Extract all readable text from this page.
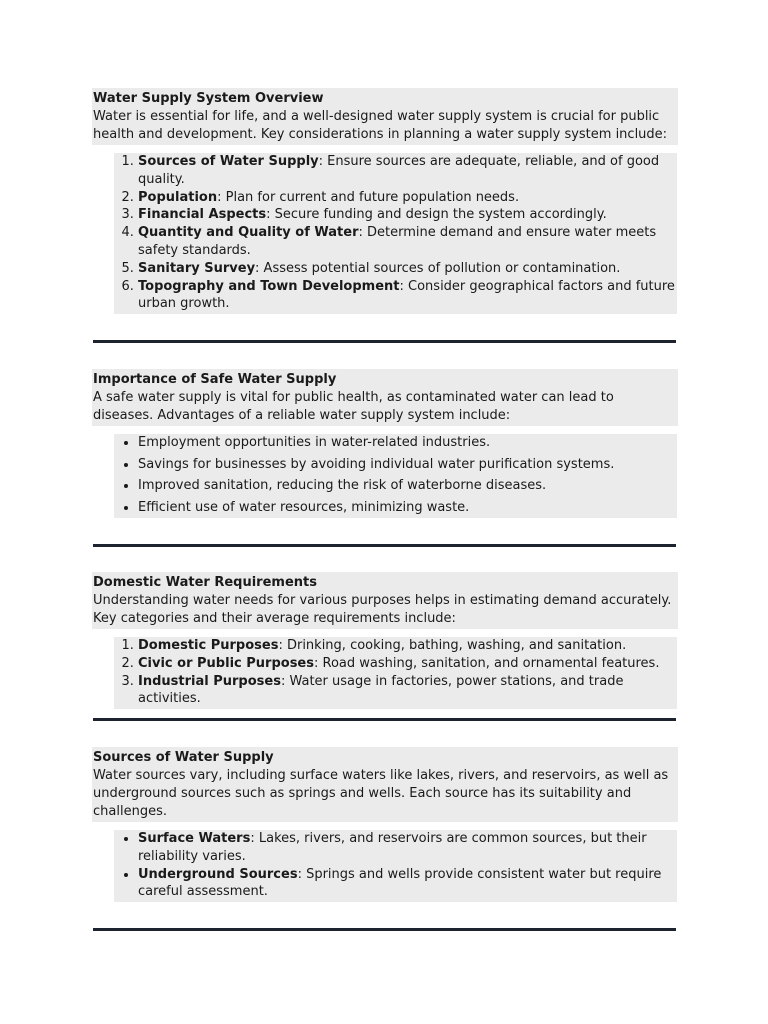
Water Supply System Overview
Water is essential for life, and a well-designed water supply system is crucial for public health and development. Key considerations in planning a water supply system include:
1. Sources of Water Supply: Ensure sources are adequate, reliable, and of good quality.
2. Population: Plan for current and future population needs.
3. Financial Aspects: Secure funding and design the system accordingly.
4. Quantity and Quality of Water: Determine demand and ensure water meets safety standards.
5. Sanitary Survey: Assess potential sources of pollution or contamination.
6. Topography and Town Development: Consider geographical factors and future urban growth.
Importance of Safe Water Supply
A safe water supply is vital for public health, as contaminated water can lead to diseases. Advantages of a reliable water supply system include:
• Employment opportunities in water-related industries.
• Savings for businesses by avoiding individual water purification systems.
• Improved sanitation, reducing the risk of waterborne diseases.
• Efficient use of water resources, minimizing waste.
Domestic Water Requirements
Understanding water needs for various purposes helps in estimating demand accurately. Key categories and their average requirements include:
1. Domestic Purposes: Drinking, cooking, bathing, washing, and sanitation.
2. Civic or Public Purposes: Road washing, sanitation, and ornamental features.
3. Industrial Purposes: Water usage in factories, power stations, and trade activities.
Sources of Water Supply
Water sources vary, including surface waters like lakes, rivers, and reservoirs, as well as underground sources such as springs and wells. Each source has its suitability and challenges.
• Surface Waters: Lakes, rivers, and reservoirs are common sources, but their reliability varies.
• Underground Sources: Springs and wells provide consistent water but require careful assessment.
